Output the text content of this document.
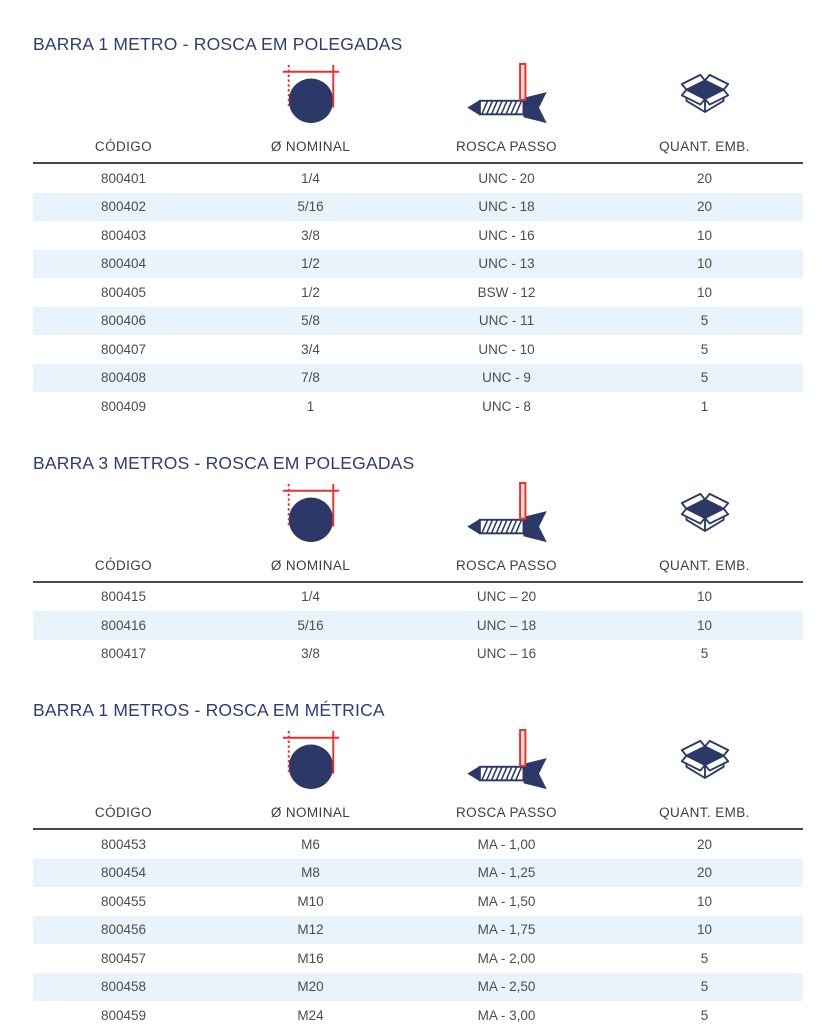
BARRA 1 METRO - ROSCA EM POLEGADAS

CÓDIGO	Ø NOMINAL	ROSCA PASSO	QUANT. EMB.
800401	1/4	UNC - 20	20
800402	5/16	UNC - 18	20
800403	3/8	UNC - 16	10
800404	1/2	UNC - 13	10
800405	1/2	BSW - 12	10
800406	5/8	UNC - 11	5
800407	3/4	UNC - 10	5
800408	7/8	UNC - 9	5
800409	1	UNC - 8	1
BARRA 3 METROS - ROSCA EM POLEGADAS

CÓDIGO	Ø NOMINAL	ROSCA PASSO	QUANT. EMB.
800415	1/4	UNC – 20	10
800416	5/16	UNC – 18	10
800417	3/8	UNC – 16	5
BARRA 1 METROS - ROSCA EM MÉTRICA

CÓDIGO	Ø NOMINAL	ROSCA PASSO	QUANT. EMB.
800453	M6	MA - 1,00	20
800454	M8	MA - 1,25	20
800455	M10	MA - 1,50	10
800456	M12	MA - 1,75	10
800457	M16	MA - 2,00	5
800458	M20	MA - 2,50	5
800459	M24	MA - 3,00	5
